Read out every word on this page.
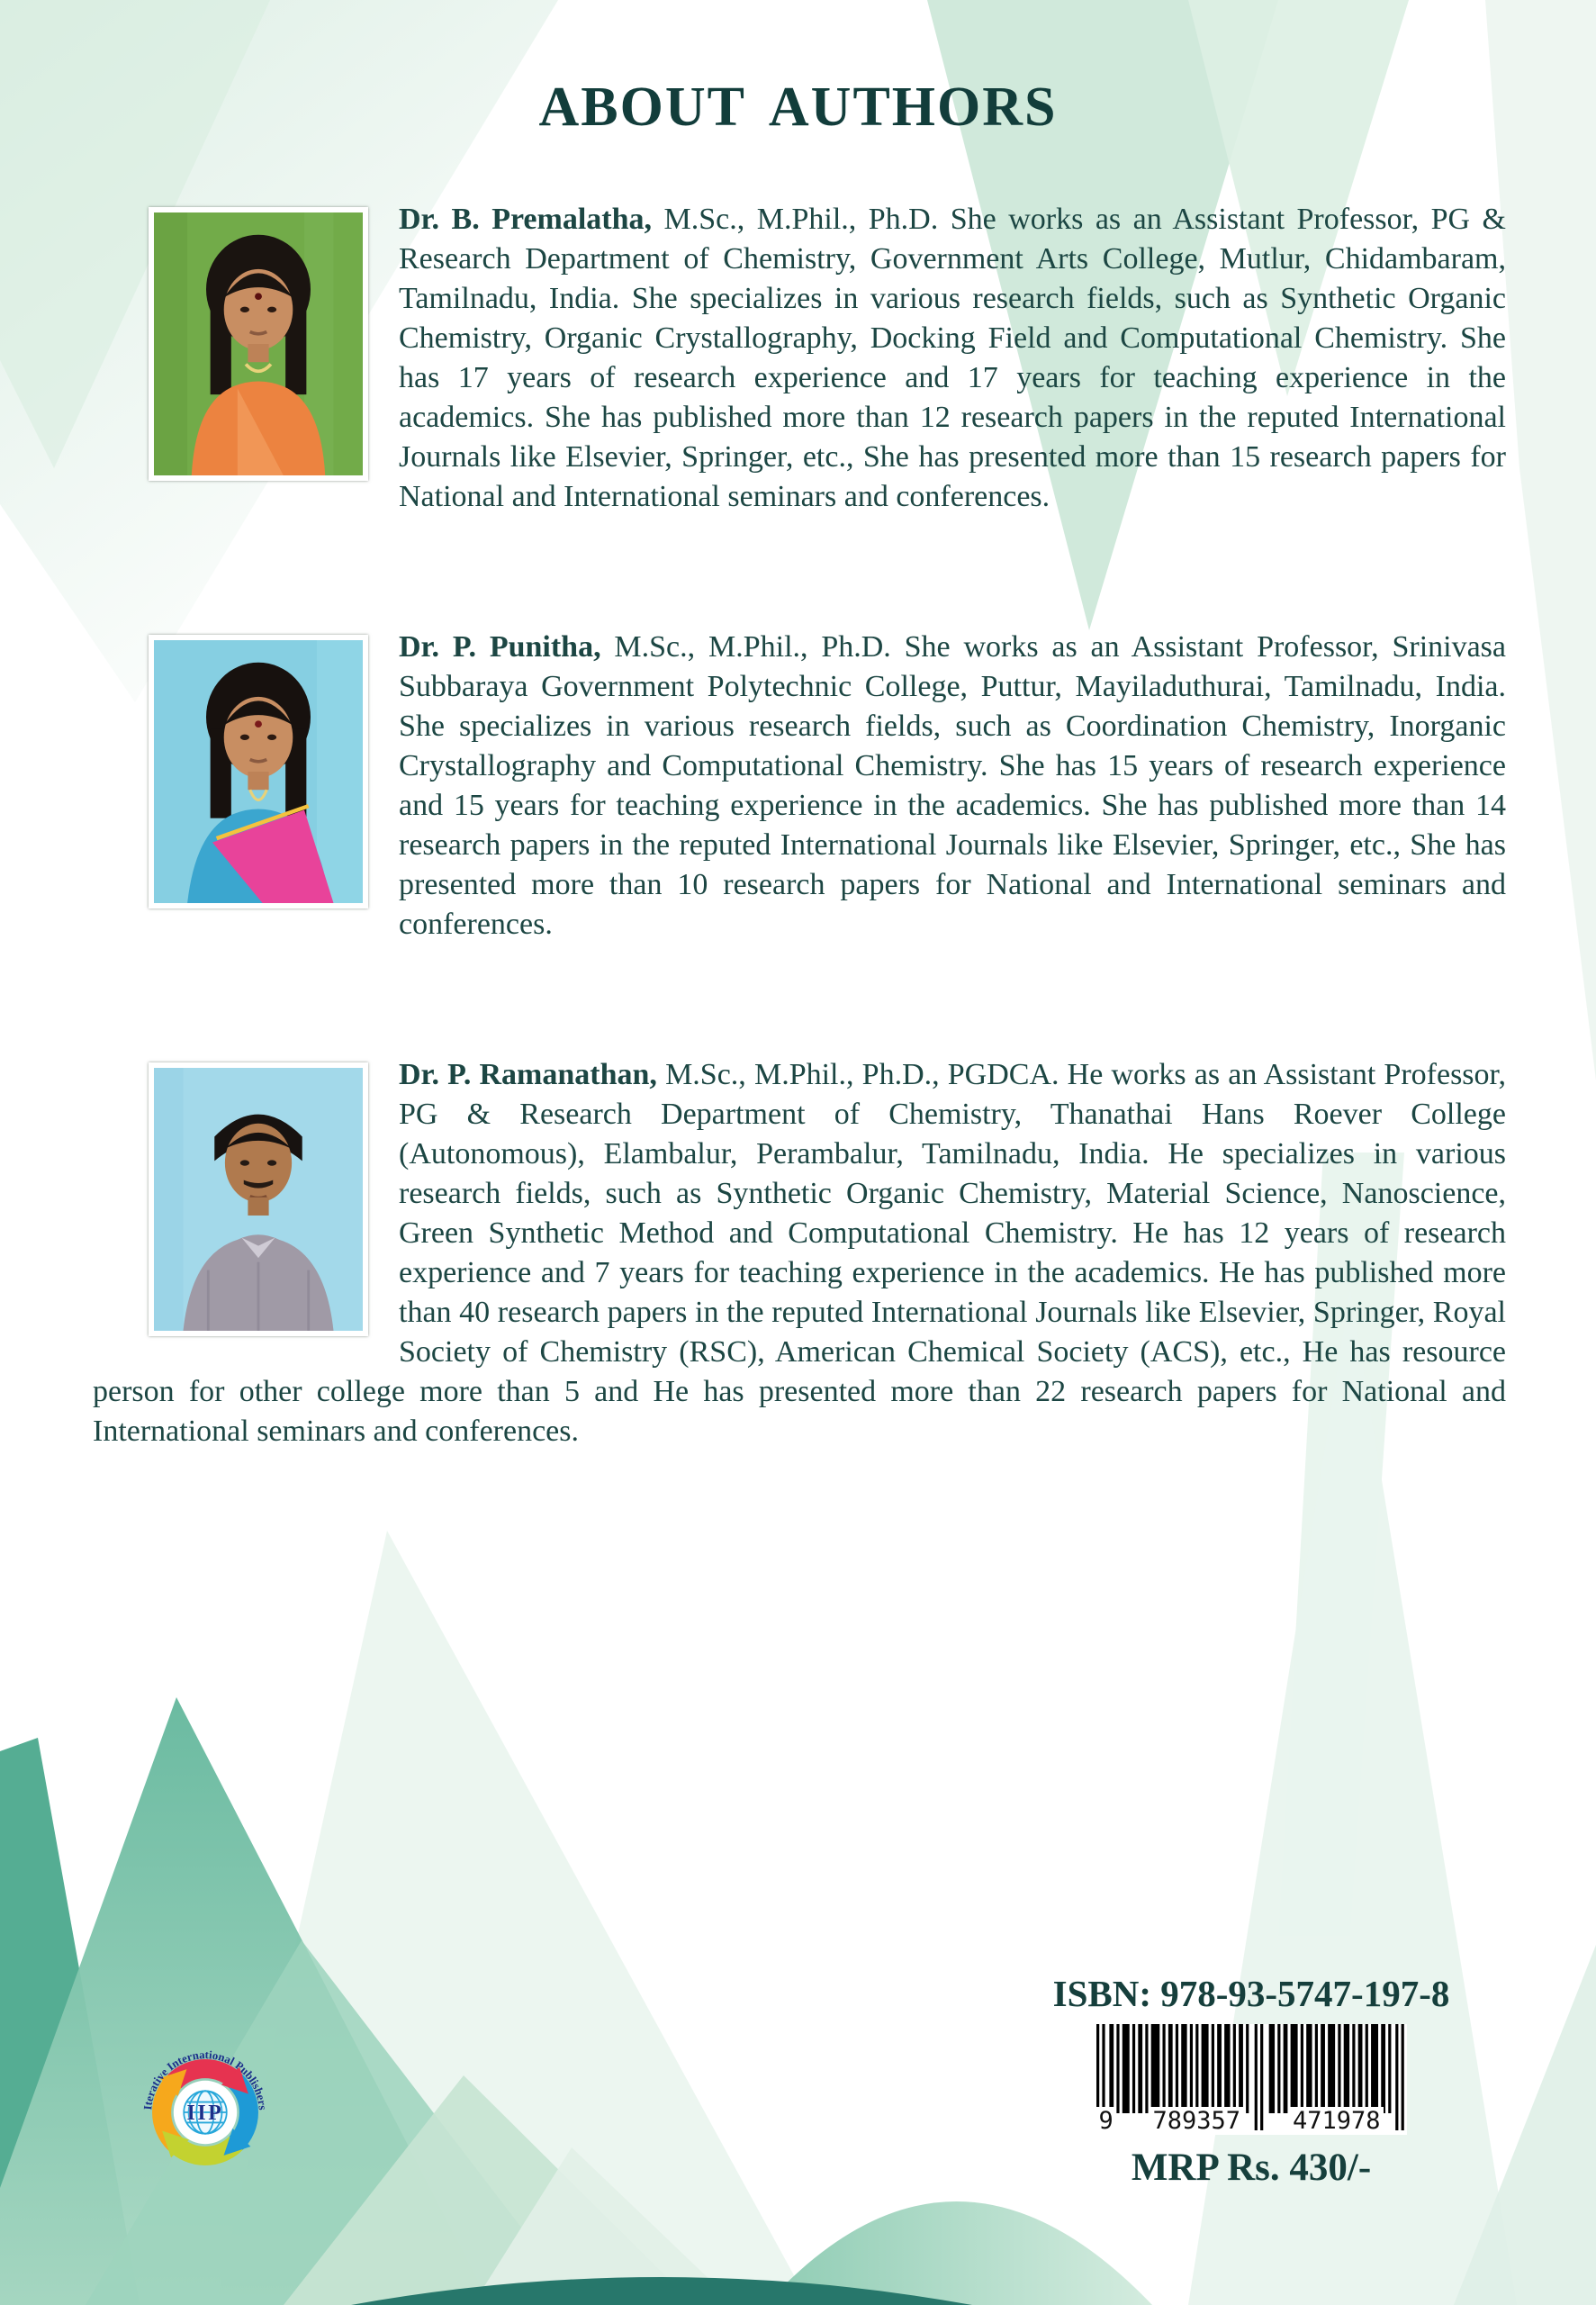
ABOUT AUTHORS

Dr. B. Premalatha, M.Sc., M.Phil., Ph.D. She works as an Assistant Professor, PG & Research Department of Chemistry, Government Arts College, Mutlur, Chidambaram, Tamilnadu, India. She specializes in various research fields, such as Synthetic Organic Chemistry, Organic Crystallography, Docking Field and Computational Chemistry. She has 17 years of research experience and 17 years for teaching experience in the academics. She has published more than 12 research papers in the reputed International Journals like Elsevier, Springer, etc., She has presented more than 15 research papers for National and International seminars and conferences.

Dr. P. Punitha, M.Sc., M.Phil., Ph.D. She works as an Assistant Professor, Srinivasa Subbaraya Government Polytechnic College, Puttur, Mayiladuthurai, Tamilnadu, India. She specializes in various research fields, such as Coordination Chemistry, Inorganic Crystallography and Computational Chemistry. She has 15 years of research experience and 15 years for teaching experience in the academics. She has published more than 14 research papers in the reputed International Journals like Elsevier, Springer, etc., She has presented more than 10 research papers for National and International seminars and conferences.

Dr. P. Ramanathan, M.Sc., M.Phil., Ph.D., PGDCA. He works as an Assistant Professor, PG & Research Department of Chemistry, Thanathai Hans Roever College (Autonomous), Elambalur, Perambalur, Tamilnadu, India. He specializes in various research fields, such as Synthetic Organic Chemistry, Material Science, Nanoscience, Green Synthetic Method and Computational Chemistry. He has 12 years of research experience and 7 years for teaching experience in the academics. He has published more than 40 research papers in the reputed International Journals like Elsevier, Springer, Royal Society of Chemistry (RSC), American Chemical Society (ACS), etc., He has resource person for other college more than 5 and He has presented more than 22 research papers for National and International seminars and conferences.

ISBN: 978-93-5747-197-8
9 789357 471978
MRP Rs. 430/-
IIP
Iterative International Publishers
